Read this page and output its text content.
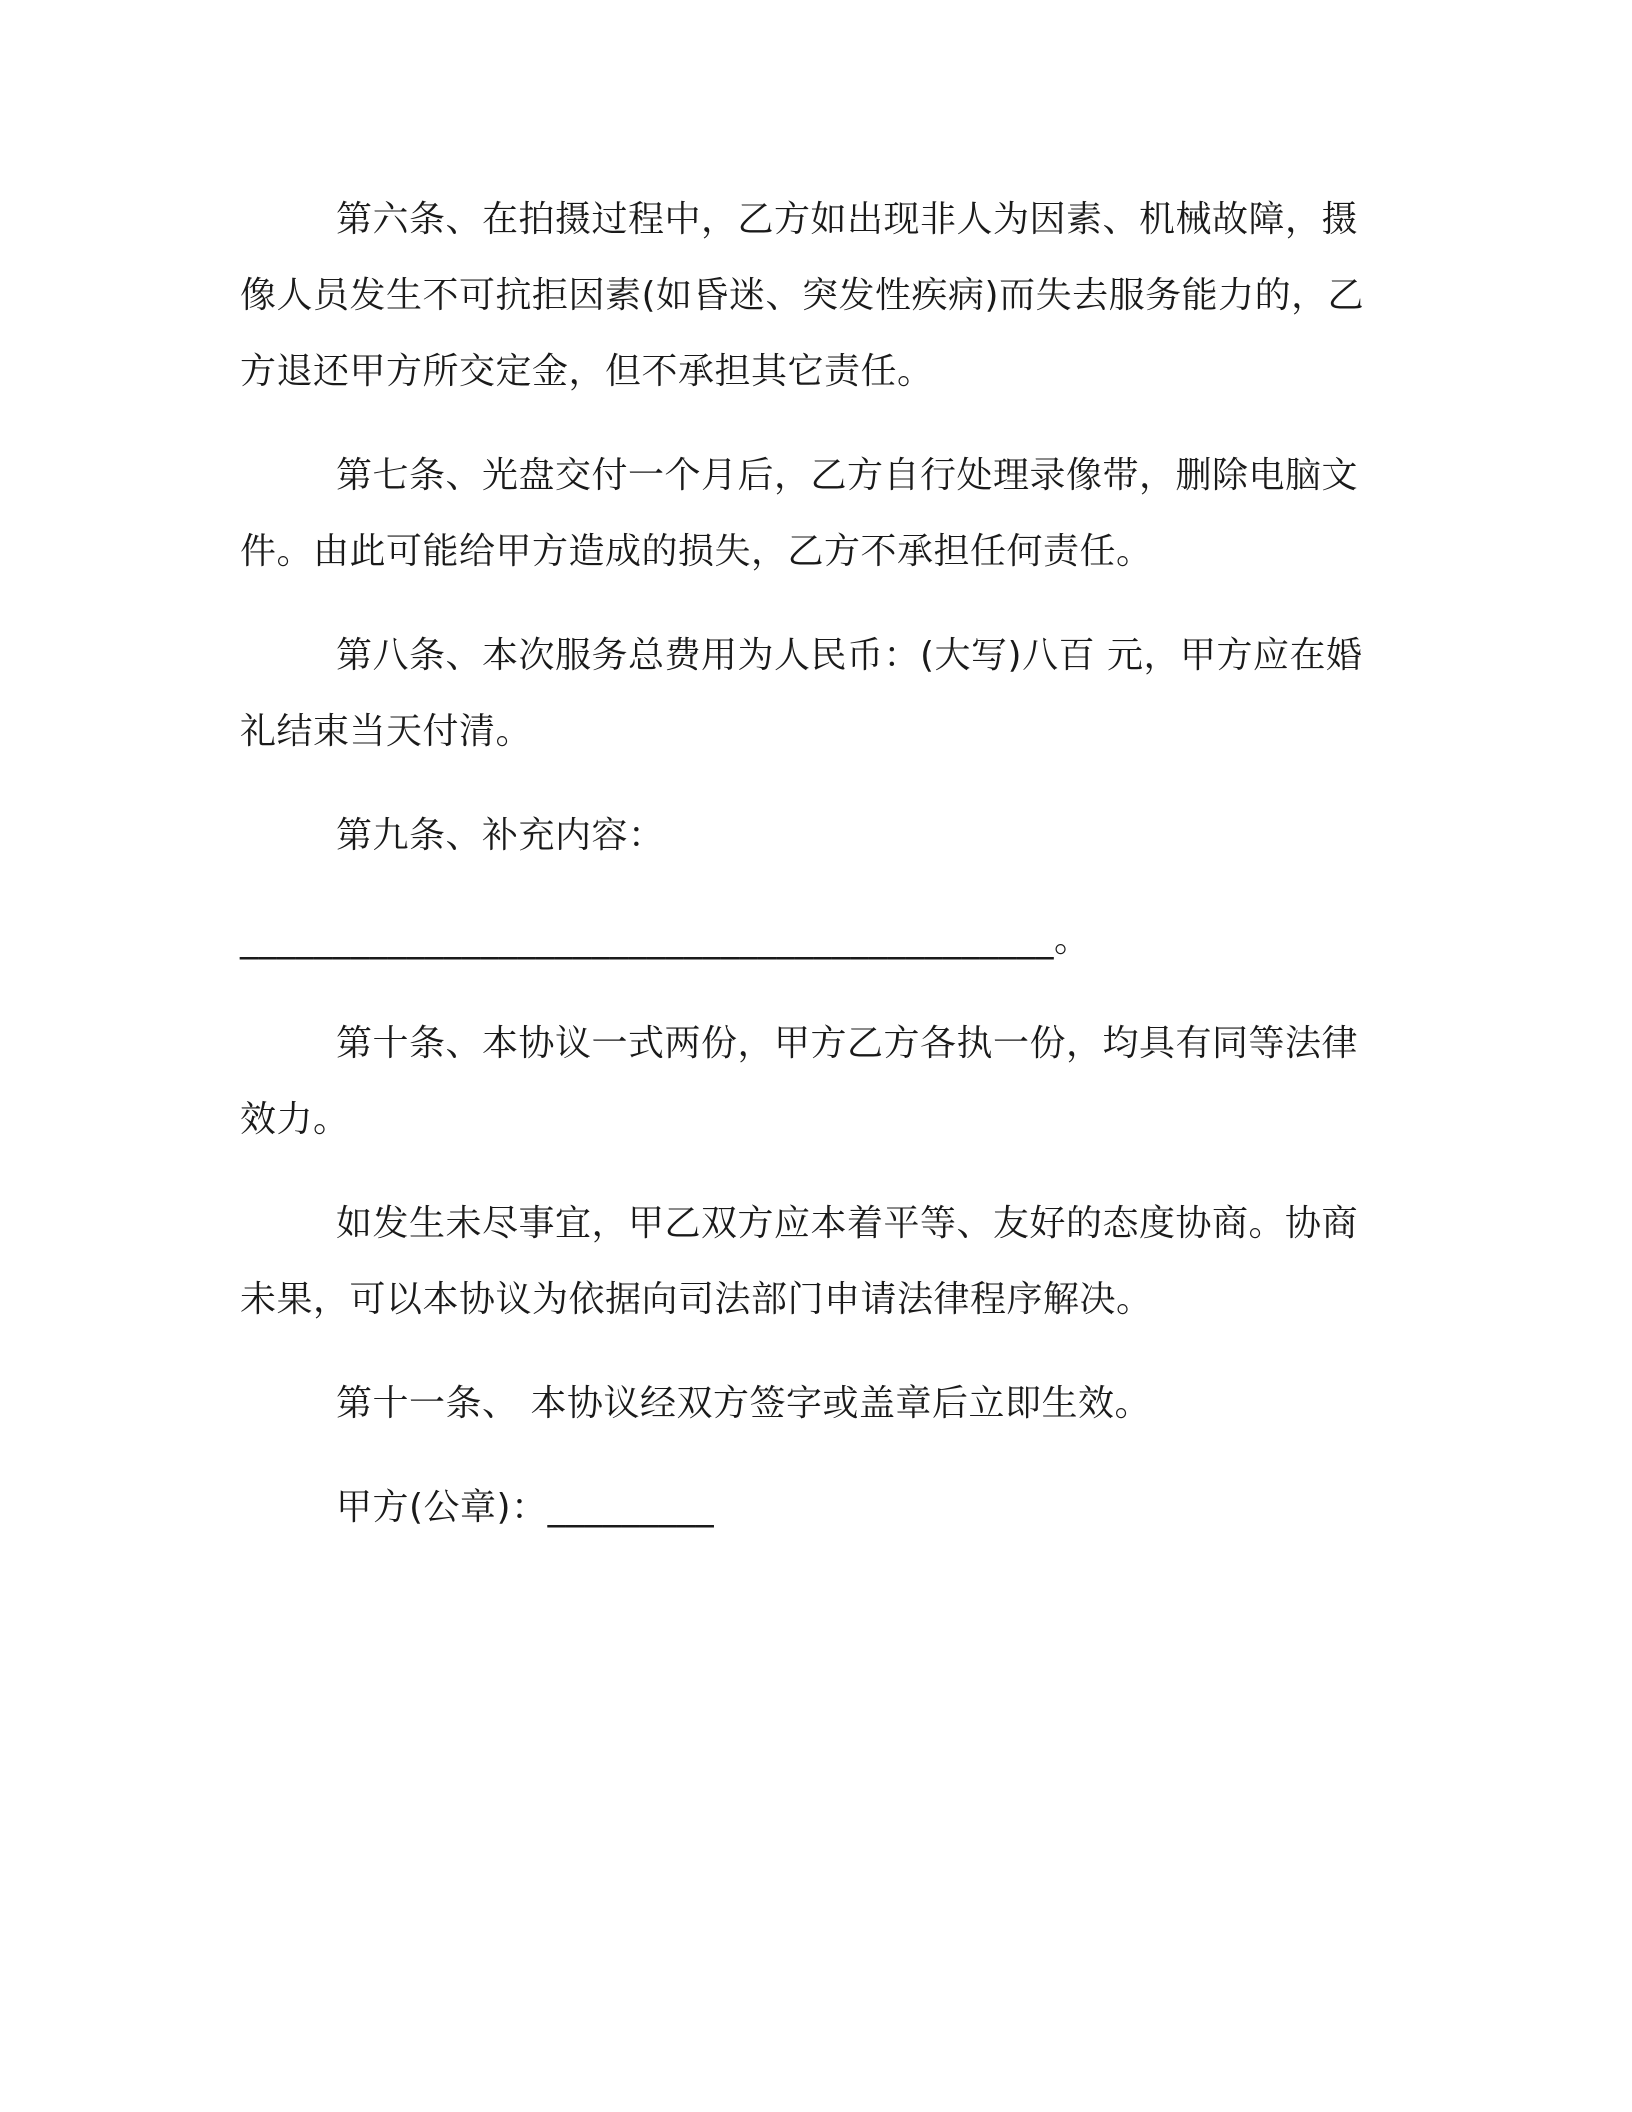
第六条、在拍摄过程中，乙方如出现非人为因素、机械故障，摄像人员发生不可抗拒因素(如昏迷、突发性疾病)而失去服务能力的，乙方退还甲方所交定金，但不承担其它责任。

第七条、光盘交付一个月后，乙方自行处理录像带，删除电脑文件。由此可能给甲方造成的损失，乙方不承担任何责任。

第八条、本次服务总费用为人民币：(大写)八百 元，甲方应在婚礼结束当天付清。

第九条、补充内容：

____________________________________________。

第十条、本协议一式两份，甲方乙方各执一份，均具有同等法律效力。

如发生未尽事宜，甲乙双方应本着平等、友好的态度协商。协商未果，可以本协议为依据向司法部门申请法律程序解决。

第十一条、 本协议经双方签字或盖章后立即生效。

甲方(公章)：_________
